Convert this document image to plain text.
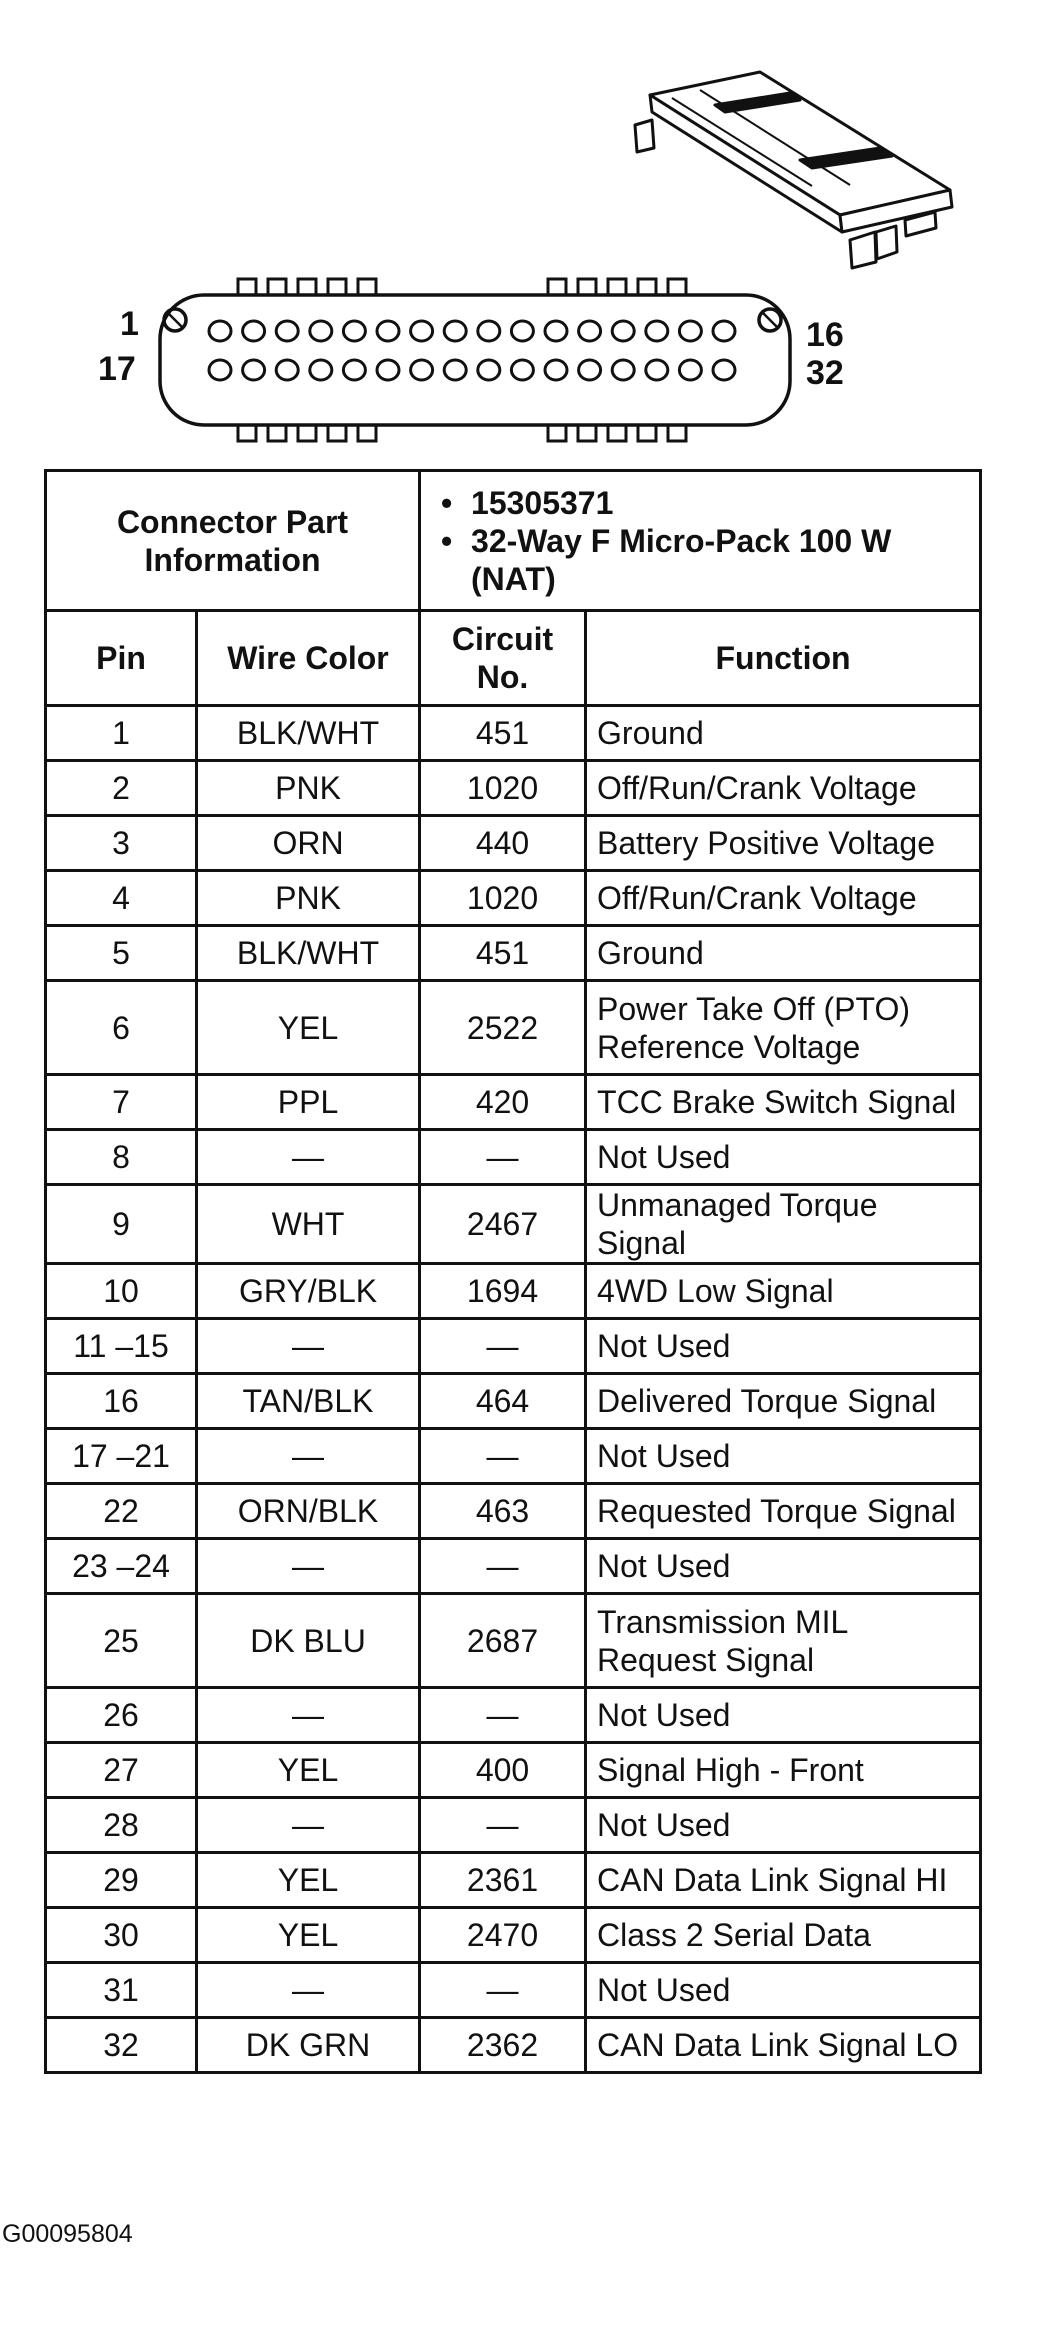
1
17
16
32
Connector Part Information		• 15305371
• 32-Way F Micro-Pack 100 W (NAT)

Pin	Wire Color	Circuit No.	Function
1	BLK/WHT	451	Ground
2	PNK	1020	Off/Run/Crank Voltage
3	ORN	440	Battery Positive Voltage
4	PNK	1020	Off/Run/Crank Voltage
5	BLK/WHT	451	Ground
6	YEL	2522	Power Take Off (PTO) Reference Voltage
7	PPL	420	TCC Brake Switch Signal
8	—	—	Not Used
9	WHT	2467	Unmanaged Torque Signal
10	GRY/BLK	1694	4WD Low Signal
11 –15	—	—	Not Used
16	TAN/BLK	464	Delivered Torque Signal
17 –21	—	—	Not Used
22	ORN/BLK	463	Requested Torque Signal
23 –24	—	—	Not Used
25	DK BLU	2687	Transmission MIL Request Signal
26	—	—	Not Used
27	YEL	400	Signal High - Front
28	—	—	Not Used
29	YEL	2361	CAN Data Link Signal HI
30	YEL	2470	Class 2 Serial Data
31	—	—	Not Used
32	DK GRN	2362	CAN Data Link Signal LO
G00095804
